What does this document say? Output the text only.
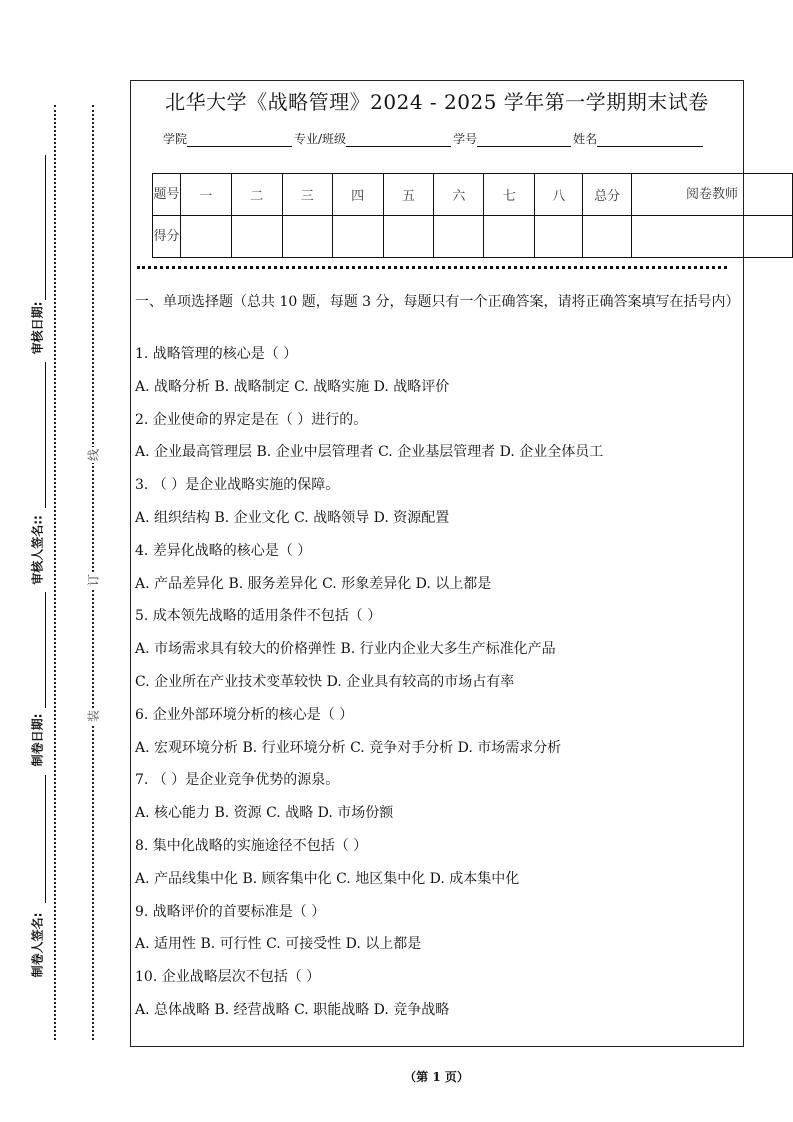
审核日期:
审核人签名::
制卷日期:
制卷人签名:
线
订
装
北华大学《战略管理》2024 - 2025 学年第一学期期末试卷
学院	专业/班级	学号	姓名
题号	一	二	三	四	五	六	七	八	总分	阅卷教师
得分										
一、单项选择题（总共 10 题，每题 3 分，每题只有一个正确答案，请将正确答案填写在括号内）
1. 战略管理的核心是（ ）
A. 战略分析 B. 战略制定 C. 战略实施 D. 战略评价
2. 企业使命的界定是在（ ）进行的。
A. 企业最高管理层 B. 企业中层管理者 C. 企业基层管理者 D. 企业全体员工
3. （ ）是企业战略实施的保障。
A. 组织结构 B. 企业文化 C. 战略领导 D. 资源配置
4. 差异化战略的核心是（ ）
A. 产品差异化 B. 服务差异化 C. 形象差异化 D. 以上都是
5. 成本领先战略的适用条件不包括（ ）
A. 市场需求具有较大的价格弹性 B. 行业内企业大多生产标准化产品
C. 企业所在产业技术变革较快 D. 企业具有较高的市场占有率
6. 企业外部环境分析的核心是（ ）
A. 宏观环境分析 B. 行业环境分析 C. 竞争对手分析 D. 市场需求分析
7. （ ）是企业竞争优势的源泉。
A. 核心能力 B. 资源 C. 战略 D. 市场份额
8. 集中化战略的实施途径不包括（ ）
A. 产品线集中化 B. 顾客集中化 C. 地区集中化 D. 成本集中化
9. 战略评价的首要标准是（ ）
A. 适用性 B. 可行性 C. 可接受性 D. 以上都是
10. 企业战略层次不包括（ ）
A. 总体战略 B. 经营战略 C. 职能战略 D. 竞争战略
（第 1 页）
